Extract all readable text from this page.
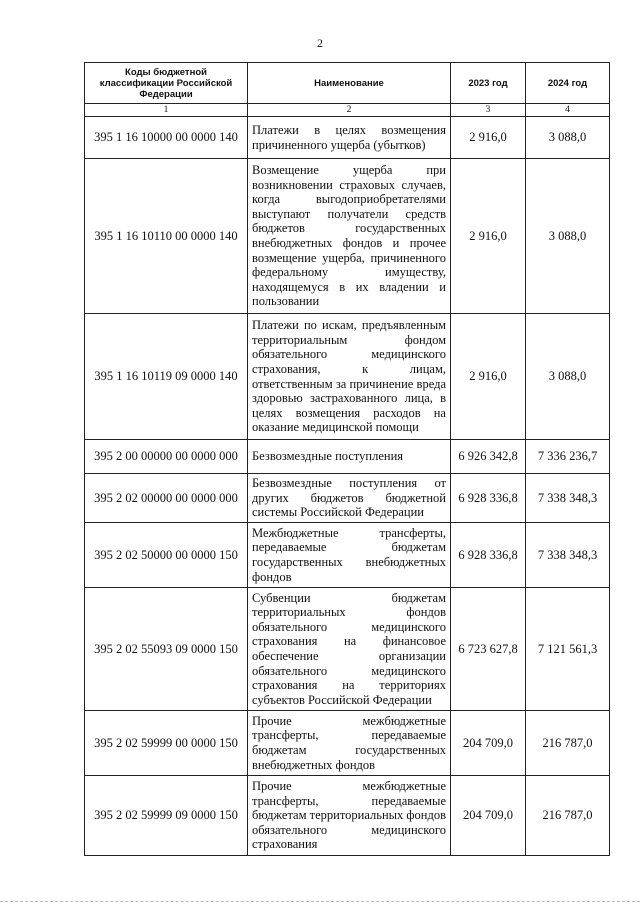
2
Коды бюджетной классификации Российской Федерации	Наименование	2023 год	2024 год
1	2	3	4
395 1 16 10000 00 0000 140	Платежи в целях возмещения причиненного ущерба (убытков)	2 916,0	3 088,0
395 1 16 10110 00 0000 140	Возмещение ущерба при возникновении страховых случаев, когда выгодоприобретателями выступают получатели средств бюджетов государственных внебюджетных фондов и прочее возмещение ущерба, причиненного федеральному имуществу, находящемуся в их владении и пользовании	2 916,0	3 088,0
395 1 16 10119 09 0000 140	Платежи по искам, предъявленным территориальным фондом обязательного медицинского страхования, к лицам, ответственным за причинение вреда здоровью застрахованного лица, в целях возмещения расходов на оказание медицинской помощи	2 916,0	3 088,0
395 2 00 00000 00 0000 000	Безвозмездные поступления	6 926 342,8	7 336 236,7
395 2 02 00000 00 0000 000	Безвозмездные поступления от других бюджетов бюджетной системы Российской Федерации	6 928 336,8	7 338 348,3
395 2 02 50000 00 0000 150	Межбюджетные трансферты, передаваемые бюджетам государственных внебюджетных фондов	6 928 336,8	7 338 348,3
395 2 02 55093 09 0000 150	Субвенции бюджетам территориальных фондов обязательного медицинского страхования на финансовое обеспечение организации обязательного медицинского страхования на территориях субъектов Российской Федерации	6 723 627,8	7 121 561,3
395 2 02 59999 00 0000 150	Прочие межбюджетные трансферты, передаваемые бюджетам государственных внебюджетных фондов	204 709,0	216 787,0
395 2 02 59999 09 0000 150	Прочие межбюджетные трансферты, передаваемые бюджетам территориальных фондов обязательного медицинского страхования	204 709,0	216 787,0
